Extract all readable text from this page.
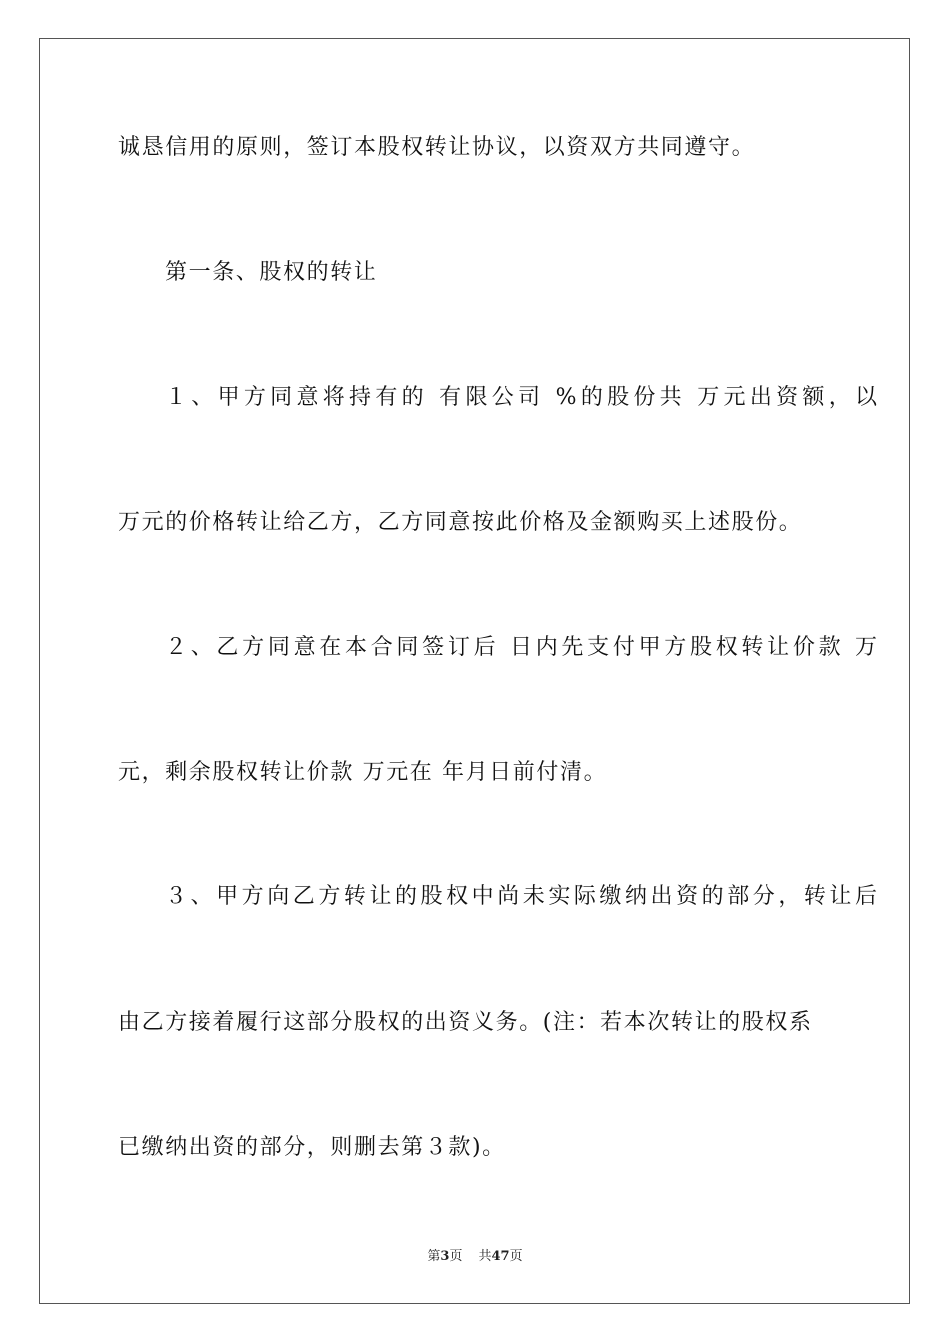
诚恳信用的原则，签订本股权转让协议，以资双方共同遵守。
第一条、股权的转让
１、甲方同意将持有的 有限公司 %的股份共 万元出资额，以
万元的价格转让给乙方，乙方同意按此价格及金额购买上述股份。
２、乙方同意在本合同签订后 日内先支付甲方股权转让价款 万
元，剩余股权转让价款 万元在 年月日前付清。
３、甲方向乙方转让的股权中尚未实际缴纳出资的部分，转让后
由乙方接着履行这部分股权的出资义务。(注：若本次转让的股权系
已缴纳出资的部分，则删去第３款)。
第3页 共47页
